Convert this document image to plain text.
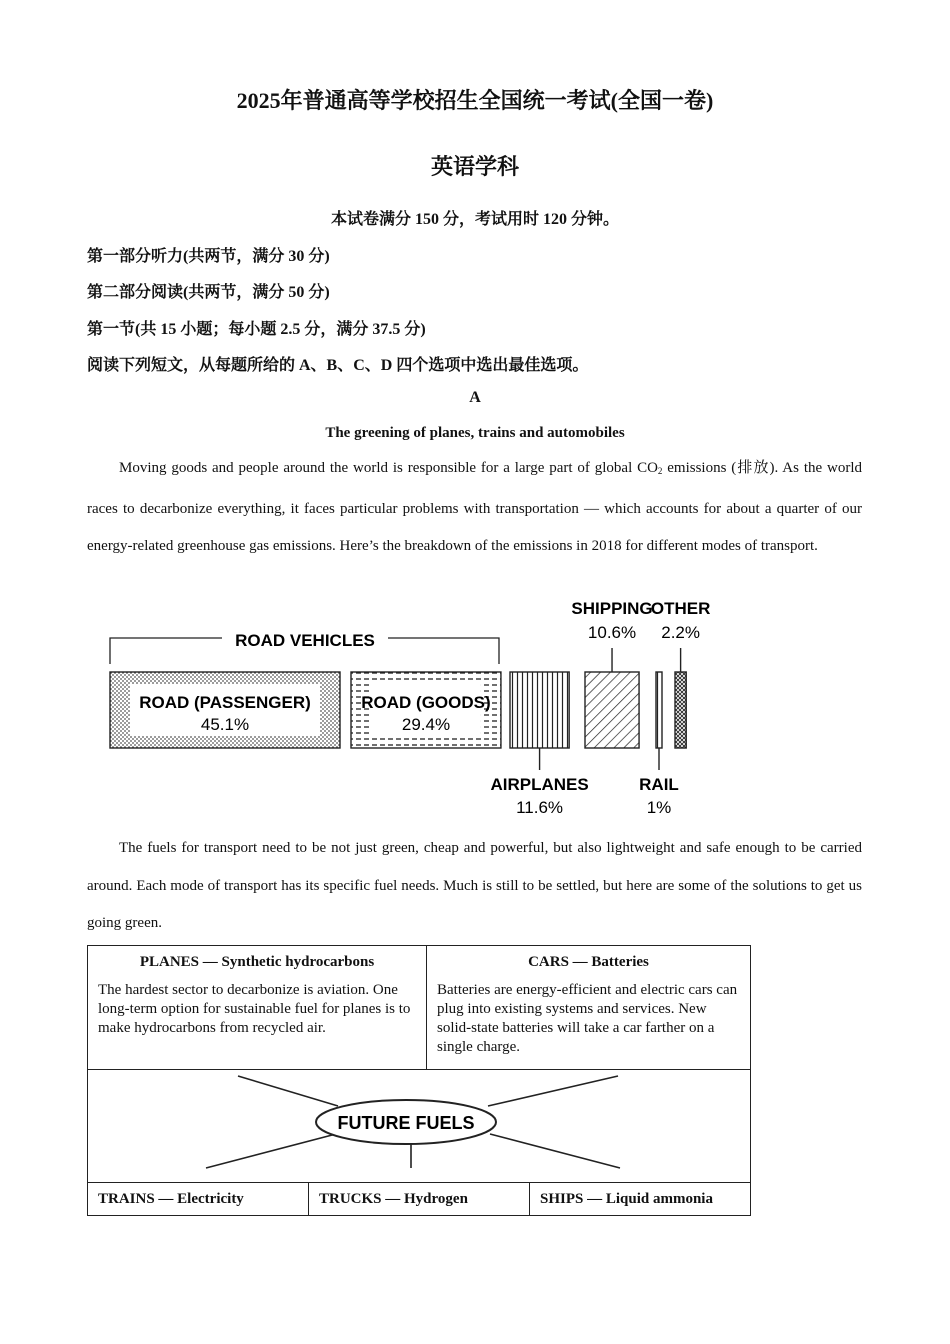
2025年普通高等学校招生全国统一考试(全国一卷)
英语学科
本试卷满分 150 分，考试用时 120 分钟。
第一部分听力(共两节，满分 30 分)
第二部分阅读(共两节，满分 50 分)
第一节(共 15 小题；每小题 2.5 分，满分 37.5 分)
阅读下列短文，从每题所给的 A、B、C、D 四个选项中选出最佳选项。
A
The greening of planes, trains and automobiles

Moving goods and people around the world is responsible for a large part of global $CO_2$ emissions (排放). As the world races to decarbonize everything, it faces particular problems with transportation — which accounts for about a quarter of our energy-related greenhouse gas emissions. Here’s the breakdown of the emissions in 2018 for different modes of transport.

ROAD VEHICLES
ROAD (PASSENGER)
45.1%
ROAD (GOODS)
29.4%
AIRPLANES
11.6%
SHIPPING
10.6%
RAIL
1%
OTHER
2.2%

The fuels for transport need to be not just green, cheap and powerful, but also lightweight and safe enough to be carried around. Each mode of transport has its specific fuel needs. Much is still to be settled, but here are some of the solutions to get us going green.

PLANES — Synthetic hydrocarbons
The hardest sector to decarbonize is aviation. One long-term option for sustainable fuel for planes is to make hydrocarbons from recycled air.
CARS — Batteries
Batteries are energy-efficient and electric cars can plug into existing systems and services. New solid-state batteries will take a car farther on a single charge.

FUTURE FUELS

TRAINS — Electricity	TRUCKS — Hydrogen	SHIPS — Liquid ammonia
